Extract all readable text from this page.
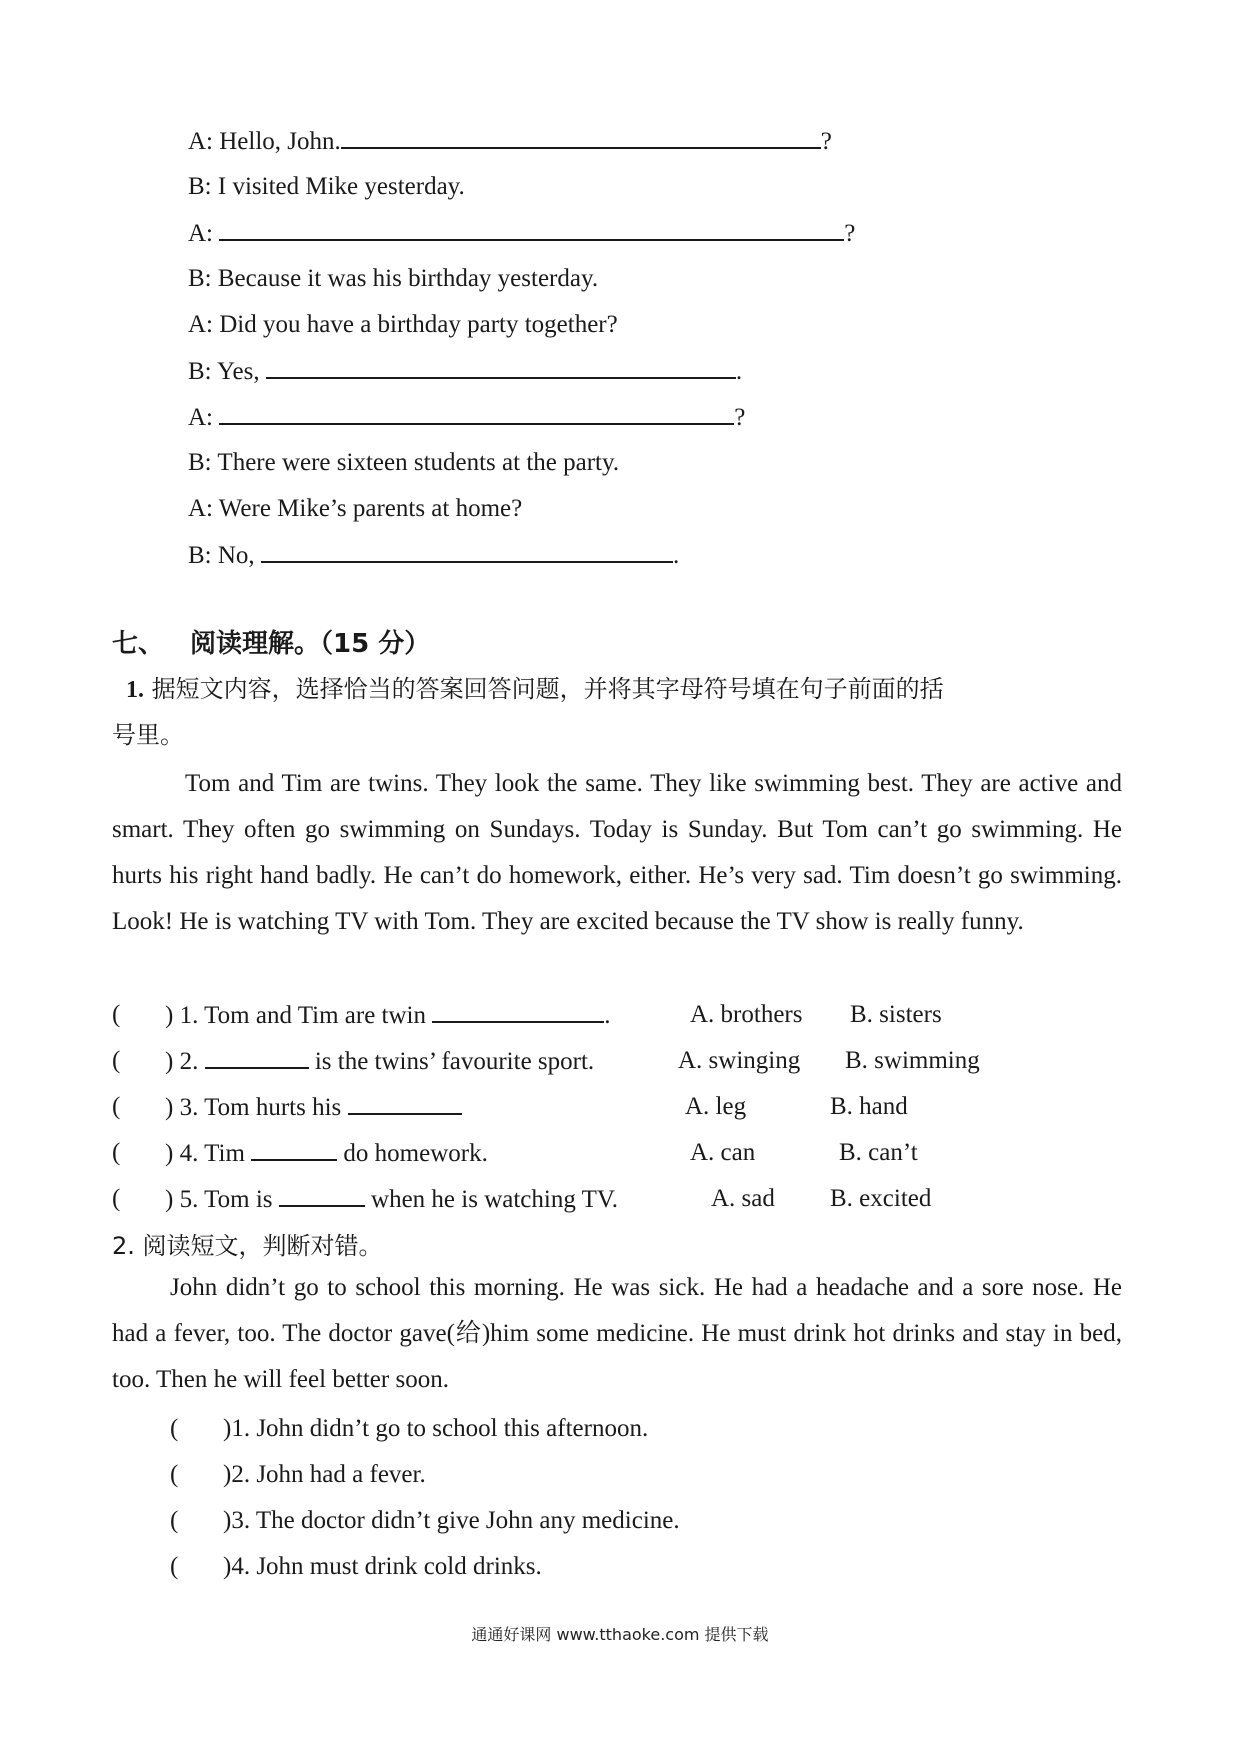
A: Hello, John.	?
B: I visited Mike yesterday.
A:	?
B: Because it was his birthday yesterday.
A: Did you have a birthday party together?
B: Yes,	.
A:	?
B: There were sixteen students at the party.
A: Were Mike’s parents at home?
B: No,	.
七、 阅读理解。（15 分）
1. 据短文内容，选择恰当的答案回答问题，并将其字母符号填在句子前面的括
号里。
Tom and Tim are twins. They look the same. They like swimming best. They are active and smart. They often go swimming on Sundays. Today is Sunday. But Tom can’t go swimming. He hurts his right hand badly. He can’t do homework, either. He’s very sad. Tim doesn’t go swimming. Look! He is watching TV with Tom. They are excited because the TV show is really funny.
( ) 1. Tom and Tim are twin	.	A. brothers B. sisters
( ) 2.	is the twins’ favourite sport.	A. swinging B. swimming
( ) 3. Tom hurts his	A. leg	B. hand
( ) 4. Tim	do homework.	A. can	B. can’t
( ) 5. Tom is	when he is watching TV.	A. sad B. excited
2. 阅读短文，判断对错。
John didn’t go to school this morning. He was sick. He had a headache and a sore nose. He had a fever, too. The doctor gave(给)him some medicine. He must drink hot drinks and stay in bed, too. Then he will feel better soon.
( )1. John didn’t go to school this afternoon.
( )2. John had a fever.
( )3. The doctor didn’t give John any medicine.
( )4. John must drink cold drinks.
通通好课网 www.tthaoke.com 提供下载
